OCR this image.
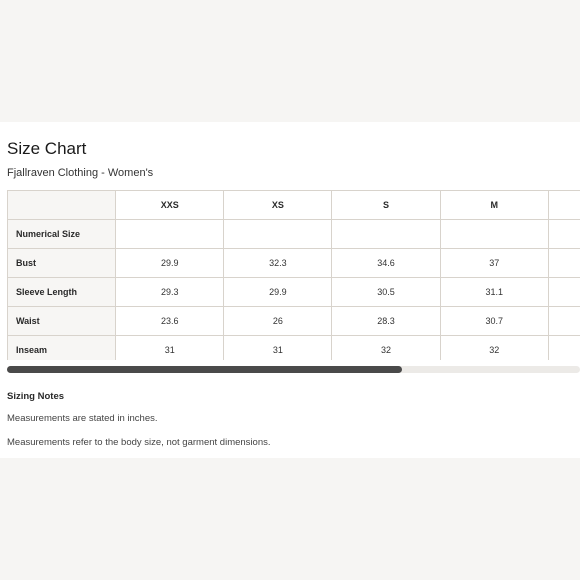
Size Chart
Fjallraven Clothing - Women's
	XXS	XS	S	M	
Numerical Size					
Bust	29.9	32.3	34.6	37	
Sleeve Length	29.3	29.9	30.5	31.1	
Waist	23.6	26	28.3	30.7	
Inseam	31	31	32	32	
Sizing Notes
Measurements are stated in inches.
Measurements refer to the body size, not garment dimensions.
